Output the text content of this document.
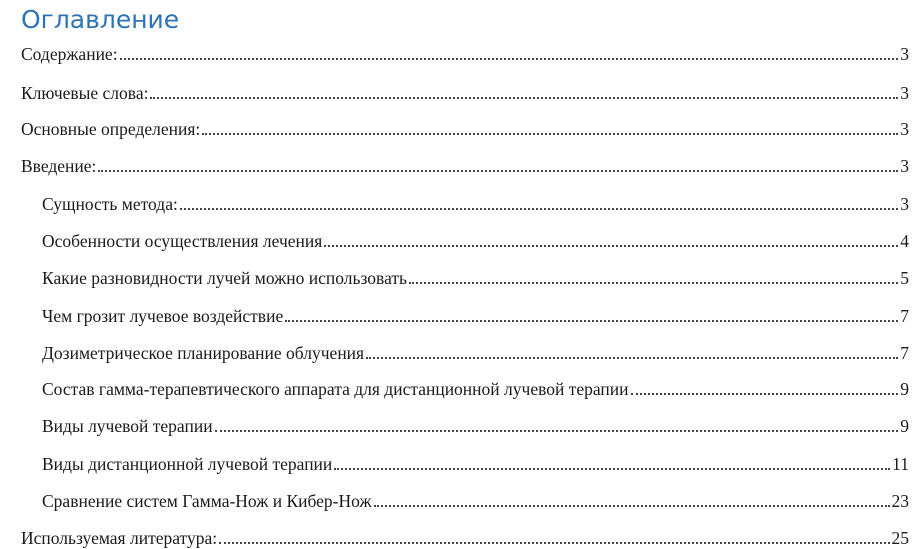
Оглавление
Содержание:	3
Ключевые слова:	3
Основные определения:	3
Введение:	3
Сущность метода:	3
Особенности осуществления лечения	4
Какие разновидности лучей можно использовать	5
Чем грозит лучевое воздействие	7
Дозиметрическое планирование облучения	7
Состав гамма-терапевтического аппарата для дистанционной лучевой терапии	9
Виды лучевой терапии	9
Виды дистанционной лучевой терапии	11
Сравнение систем Гамма-Нож и Кибер-Нож	23
Используемая литература:	25
